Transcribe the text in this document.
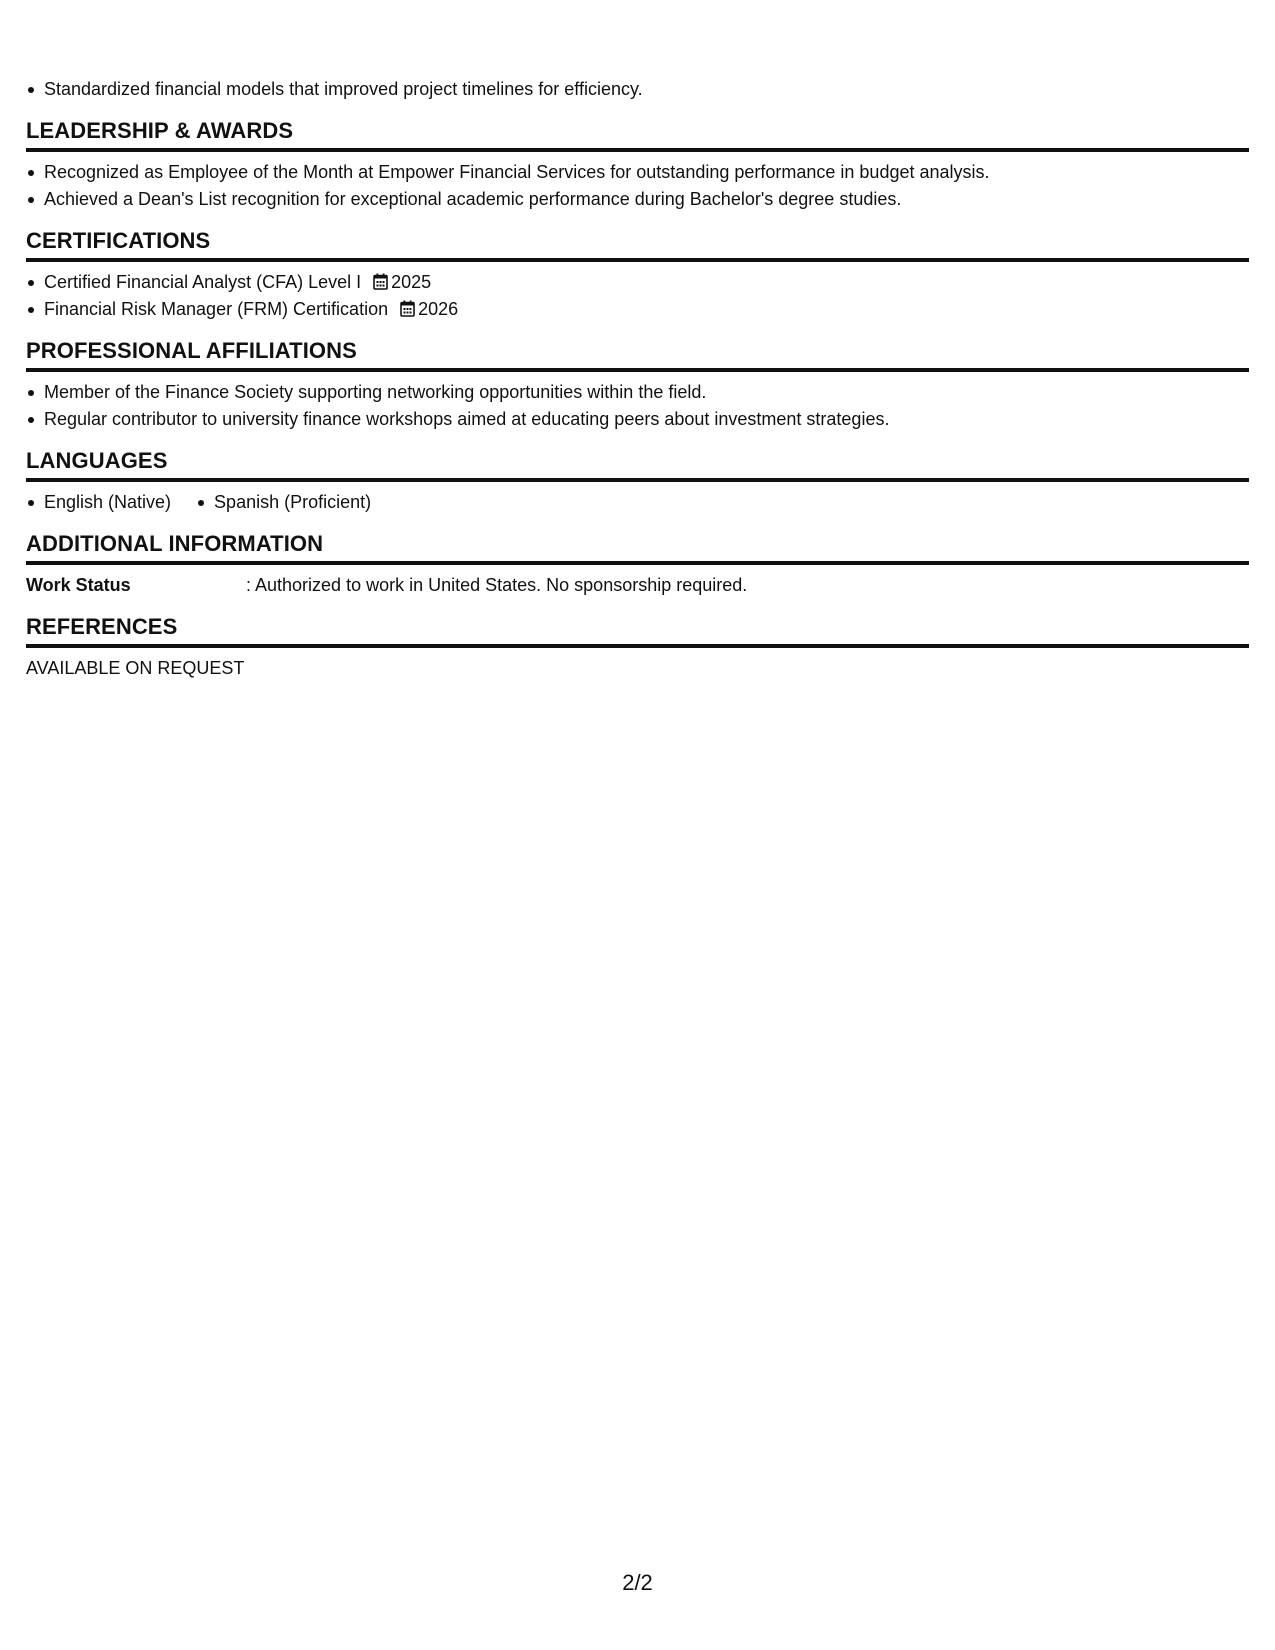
Standardized financial models that improved project timelines for efficiency.
LEADERSHIP & AWARDS
Recognized as Employee of the Month at Empower Financial Services for outstanding performance in budget analysis.
Achieved a Dean's List recognition for exceptional academic performance during Bachelor's degree studies.
CERTIFICATIONS
Certified Financial Analyst (CFA) Level I 2025
Financial Risk Manager (FRM) Certification 2026
PROFESSIONAL AFFILIATIONS
Member of the Finance Society supporting networking opportunities within the field.
Regular contributor to university finance workshops aimed at educating peers about investment strategies.
LANGUAGES
English (Native)	Spanish (Proficient)
ADDITIONAL INFORMATION
Work Status	: Authorized to work in United States. No sponsorship required.
REFERENCES
AVAILABLE ON REQUEST
2/2
